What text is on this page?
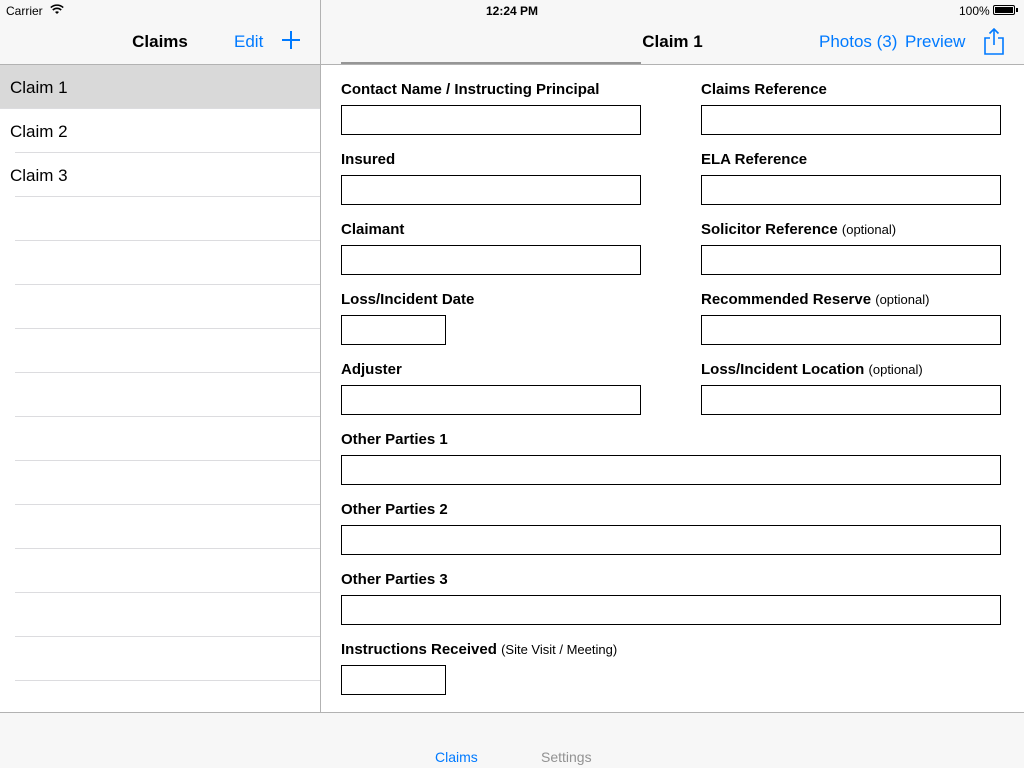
Carrier	12:24 PM	100%
Claims	Edit
Claim 1
Claim 2
Claim 3
Claim 1	Photos (3) Preview
Contact Name / Instructing Principal	Claims Reference
Insured	ELA Reference
Claimant	Solicitor Reference (optional)
Loss/Incident Date	Recommended Reserve (optional)
Adjuster	Loss/Incident Location (optional)
Other Parties 1
Other Parties 2
Other Parties 3
Instructions Received (Site Visit / Meeting)
Claims	Settings
